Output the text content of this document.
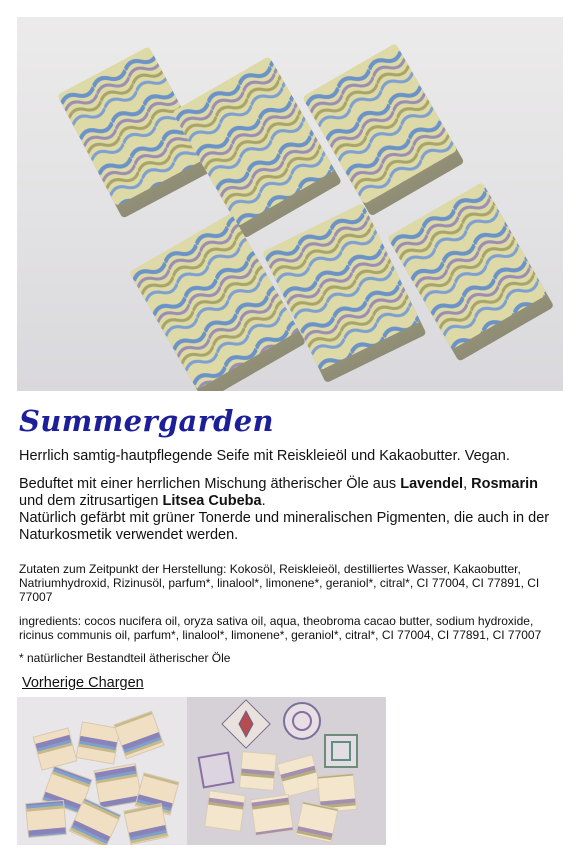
Summergarden

Herrlich samtig-hautpflegende Seife mit Reiskleieöl und Kakaobutter. Vegan.

Beduftet mit einer herrlichen Mischung ätherischer Öle aus Lavendel, Rosmarin und dem zitrusartigen Litsea Cubeba.
Natürlich gefärbt mit grüner Tonerde und mineralischen Pigmenten, die auch in der Naturkosmetik verwendet werden.

Zutaten zum Zeitpunkt der Herstellung: Kokosöl, Reiskleieöl, destilliertes Wasser, Kakaobutter, Natriumhydroxid, Rizinusöl, parfum*, linalool*, limonene*, geraniol*, citral*, CI 77004, CI 77891, CI 77007

ingredients: cocos nucifera oil, oryza sativa oil, aqua, theobroma cacao butter, sodium hydroxide, ricinus communis oil, parfum*, linalool*, limonene*, geraniol*, citral*, CI 77004, CI 77891, CI 77007

* natürlicher Bestandteil ätherischer Öle

Vorherige Chargen
